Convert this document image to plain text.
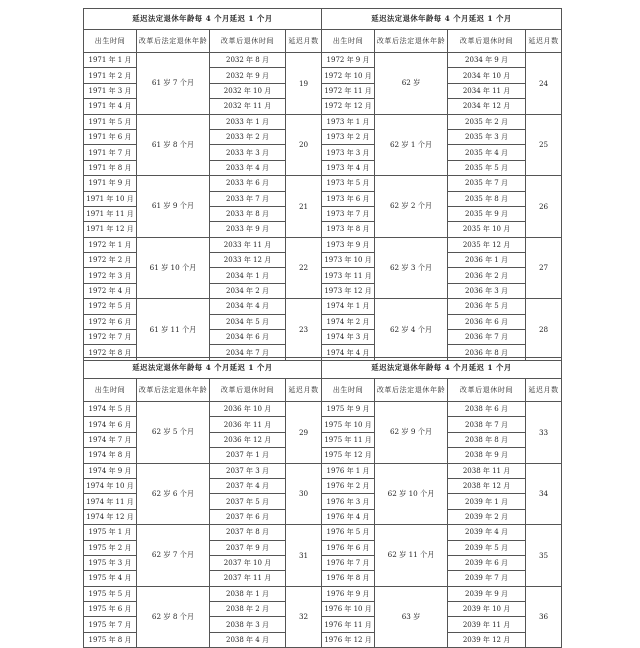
延迟法定退休年龄每 4 个月延迟 1 个月				延迟法定退休年龄每 4 个月延迟 1 个月			
出生时间	改革后法定退休年龄	改革后退休时间	延迟月数	出生时间	改革后法定退休年龄	改革后退休时间	延迟月数
1971 年 1 月	61 岁 7 个月	2032 年 8 月	19	1972 年 9 月	62 岁	2034 年 9 月	24
1971 年 2 月		2032 年 9 月		1972 年 10 月		2034 年 10 月	
1971 年 3 月		2032 年 10 月		1972 年 11 月		2034 年 11 月	
1971 年 4 月		2032 年 11 月		1972 年 12 月		2034 年 12 月	
1971 年 5 月	61 岁 8 个月	2033 年 1 月	20	1973 年 1 月	62 岁 1 个月	2035 年 2 月	25
1971 年 6 月		2033 年 2 月		1973 年 2 月		2035 年 3 月	
1971 年 7 月		2033 年 3 月		1973 年 3 月		2035 年 4 月	
1971 年 8 月		2033 年 4 月		1973 年 4 月		2035 年 5 月	
1971 年 9 月	61 岁 9 个月	2033 年 6 月	21	1973 年 5 月	62 岁 2 个月	2035 年 7 月	26
1971 年 10 月		2033 年 7 月		1973 年 6 月		2035 年 8 月	
1971 年 11 月		2033 年 8 月		1973 年 7 月		2035 年 9 月	
1971 年 12 月		2033 年 9 月		1973 年 8 月		2035 年 10 月	
1972 年 1 月	61 岁 10 个月	2033 年 11 月	22	1973 年 9 月	62 岁 3 个月	2035 年 12 月	27
1972 年 2 月		2033 年 12 月		1973 年 10 月		2036 年 1 月	
1972 年 3 月		2034 年 1 月		1973 年 11 月		2036 年 2 月	
1972 年 4 月		2034 年 2 月		1973 年 12 月		2036 年 3 月	
1972 年 5 月	61 岁 11 个月	2034 年 4 月	23	1974 年 1 月	62 岁 4 个月	2036 年 5 月	28
1972 年 6 月		2034 年 5 月		1974 年 2 月		2036 年 6 月	
1972 年 7 月		2034 年 6 月		1974 年 3 月		2036 年 7 月	
1972 年 8 月		2034 年 7 月		1974 年 4 月		2036 年 8 月	
延迟法定退休年龄每 4 个月延迟 1 个月				延迟法定退休年龄每 4 个月延迟 1 个月			
出生时间	改革后法定退休年龄	改革后退休时间	延迟月数	出生时间	改革后法定退休年龄	改革后退休时间	延迟月数
1974 年 5 月	62 岁 5 个月	2036 年 10 月	29	1975 年 9 月	62 岁 9 个月	2038 年 6 月	33
1974 年 6 月		2036 年 11 月		1975 年 10 月		2038 年 7 月	
1974 年 7 月		2036 年 12 月		1975 年 11 月		2038 年 8 月	
1974 年 8 月		2037 年 1 月		1975 年 12 月		2038 年 9 月	
1974 年 9 月	62 岁 6 个月	2037 年 3 月	30	1976 年 1 月	62 岁 10 个月	2038 年 11 月	34
1974 年 10 月		2037 年 4 月		1976 年 2 月		2038 年 12 月	
1974 年 11 月		2037 年 5 月		1976 年 3 月		2039 年 1 月	
1974 年 12 月		2037 年 6 月		1976 年 4 月		2039 年 2 月	
1975 年 1 月	62 岁 7 个月	2037 年 8 月	31	1976 年 5 月	62 岁 11 个月	2039 年 4 月	35
1975 年 2 月		2037 年 9 月		1976 年 6 月		2039 年 5 月	
1975 年 3 月		2037 年 10 月		1976 年 7 月		2039 年 6 月	
1975 年 4 月		2037 年 11 月		1976 年 8 月		2039 年 7 月	
1975 年 5 月	62 岁 8 个月	2038 年 1 月	32	1976 年 9 月	63 岁	2039 年 9 月	36
1975 年 6 月		2038 年 2 月		1976 年 10 月		2039 年 10 月	
1975 年 7 月		2038 年 3 月		1976 年 11 月		2039 年 11 月	
1975 年 8 月		2038 年 4 月		1976 年 12 月		2039 年 12 月	
